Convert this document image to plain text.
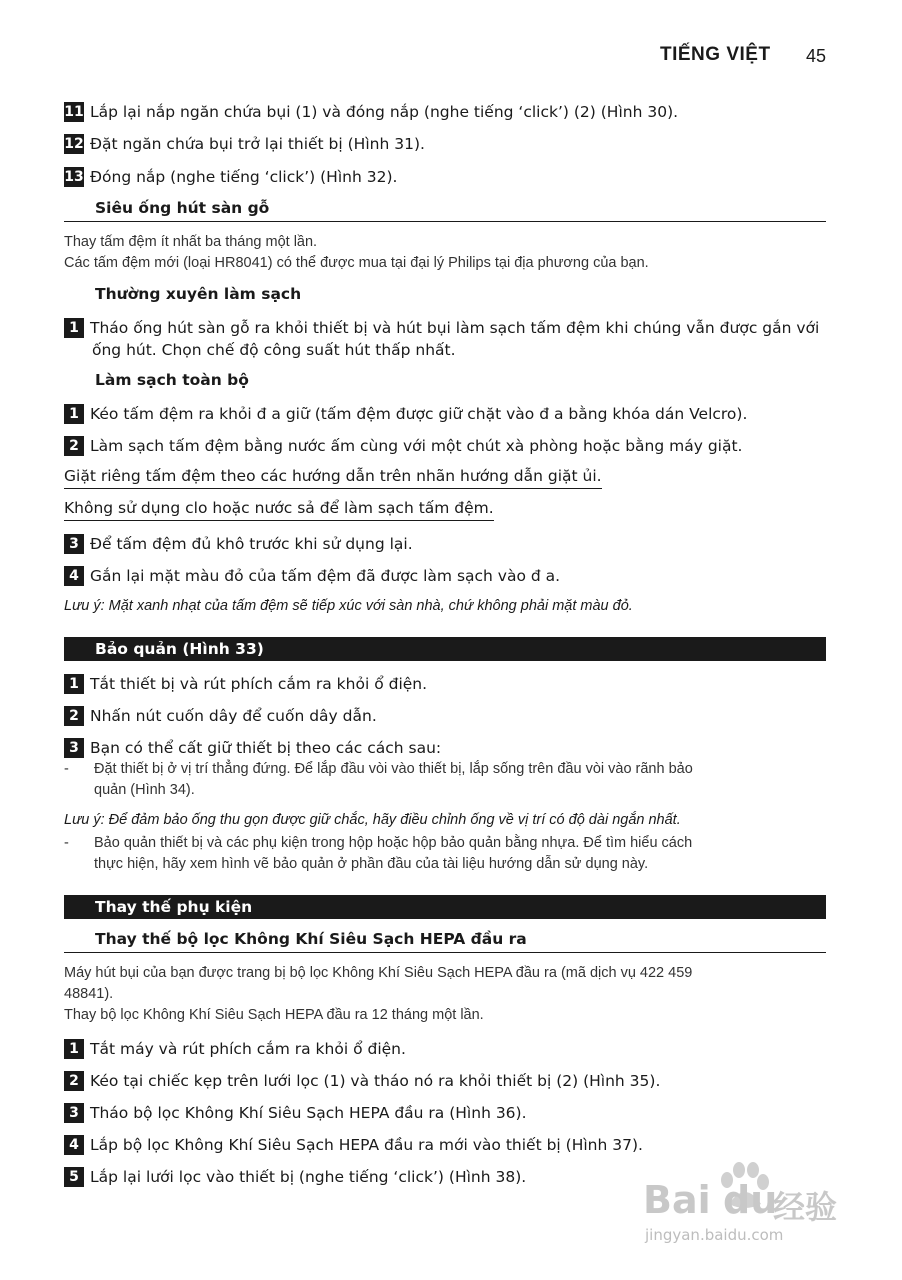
TIẾNG VIỆT 45
11 Lắp lại nắp ngăn chứa bụi (1) và đóng nắp (nghe tiếng ‘click’) (2) (Hình 30).
12 Đặt ngăn chứa bụi trở lại thiết bị (Hình 31).
13 Đóng nắp (nghe tiếng ‘click’) (Hình 32).
Siêu ống hút sàn gỗ
Thay tấm đệm ít nhất ba tháng một lần.
Các tấm đệm mới (loại HR8041) có thể được mua tại đại lý Philips tại địa phương của bạn.
Thường xuyên làm sạch
1 Tháo ống hút sàn gỗ ra khỏi thiết bị và hút bụi làm sạch tấm đệm khi chúng vẫn được gắn với
ống hút. Chọn chế độ công suất hút thấp nhất.
Làm sạch toàn bộ
1 Kéo tấm đệm ra khỏi đ a giữ (tấm đệm được giữ chặt vào đ a bằng khóa dán Velcro).
2 Làm sạch tấm đệm bằng nước ấm cùng với một chút xà phòng hoặc bằng máy giặt.
Giặt riêng tấm đệm theo các hướng dẫn trên nhãn hướng dẫn giặt ủi.
Không sử dụng clo hoặc nước sả để làm sạch tấm đệm.
3 Để tấm đệm đủ khô trước khi sử dụng lại.
4 Gắn lại mặt màu đỏ của tấm đệm đã được làm sạch vào đ a.
Lưu ý: Mặt xanh nhạt của tấm đệm sẽ tiếp xúc với sàn nhà, chứ không phải mặt màu đỏ.
Bảo quản (Hình 33)
1 Tắt thiết bị và rút phích cắm ra khỏi ổ điện.
2 Nhấn nút cuốn dây để cuốn dây dẫn.
3 Bạn có thể cất giữ thiết bị theo các cách sau:
-	Đặt thiết bị ở vị trí thẳng đứng. Để lắp đầu vòi vào thiết bị, lắp sống trên đầu vòi vào rãnh bảo
quản (Hình 34).
Lưu ý: Để đảm bảo ống thu gọn được giữ chắc, hãy điều chỉnh ống về vị trí có độ dài ngắn nhất.
-	Bảo quản thiết bị và các phụ kiện trong hộp hoặc hộp bảo quản bằng nhựa. Để tìm hiểu cách
thực hiện, hãy xem hình vẽ bảo quản ở phần đầu của tài liệu hướng dẫn sử dụng này.
Thay thế phụ kiện
Thay thế bộ lọc Không Khí Siêu Sạch HEPA đầu ra
Máy hút bụi của bạn được trang bị bộ lọc Không Khí Siêu Sạch HEPA đầu ra (mã dịch vụ 422 459
48841).
Thay bộ lọc Không Khí Siêu Sạch HEPA đầu ra 12 tháng một lần.
1 Tắt máy và rút phích cắm ra khỏi ổ điện.
2 Kéo tại chiếc kẹp trên lưới lọc (1) và tháo nó ra khỏi thiết bị (2) (Hình 35).
3 Tháo bộ lọc Không Khí Siêu Sạch HEPA đầu ra (Hình 36).
4 Lắp bộ lọc Không Khí Siêu Sạch HEPA đầu ra mới vào thiết bị (Hình 37).
5 Lắp lại lưới lọc vào thiết bị (nghe tiếng ‘click’) (Hình 38).
Bai du
经验
jingyan.baidu.com
